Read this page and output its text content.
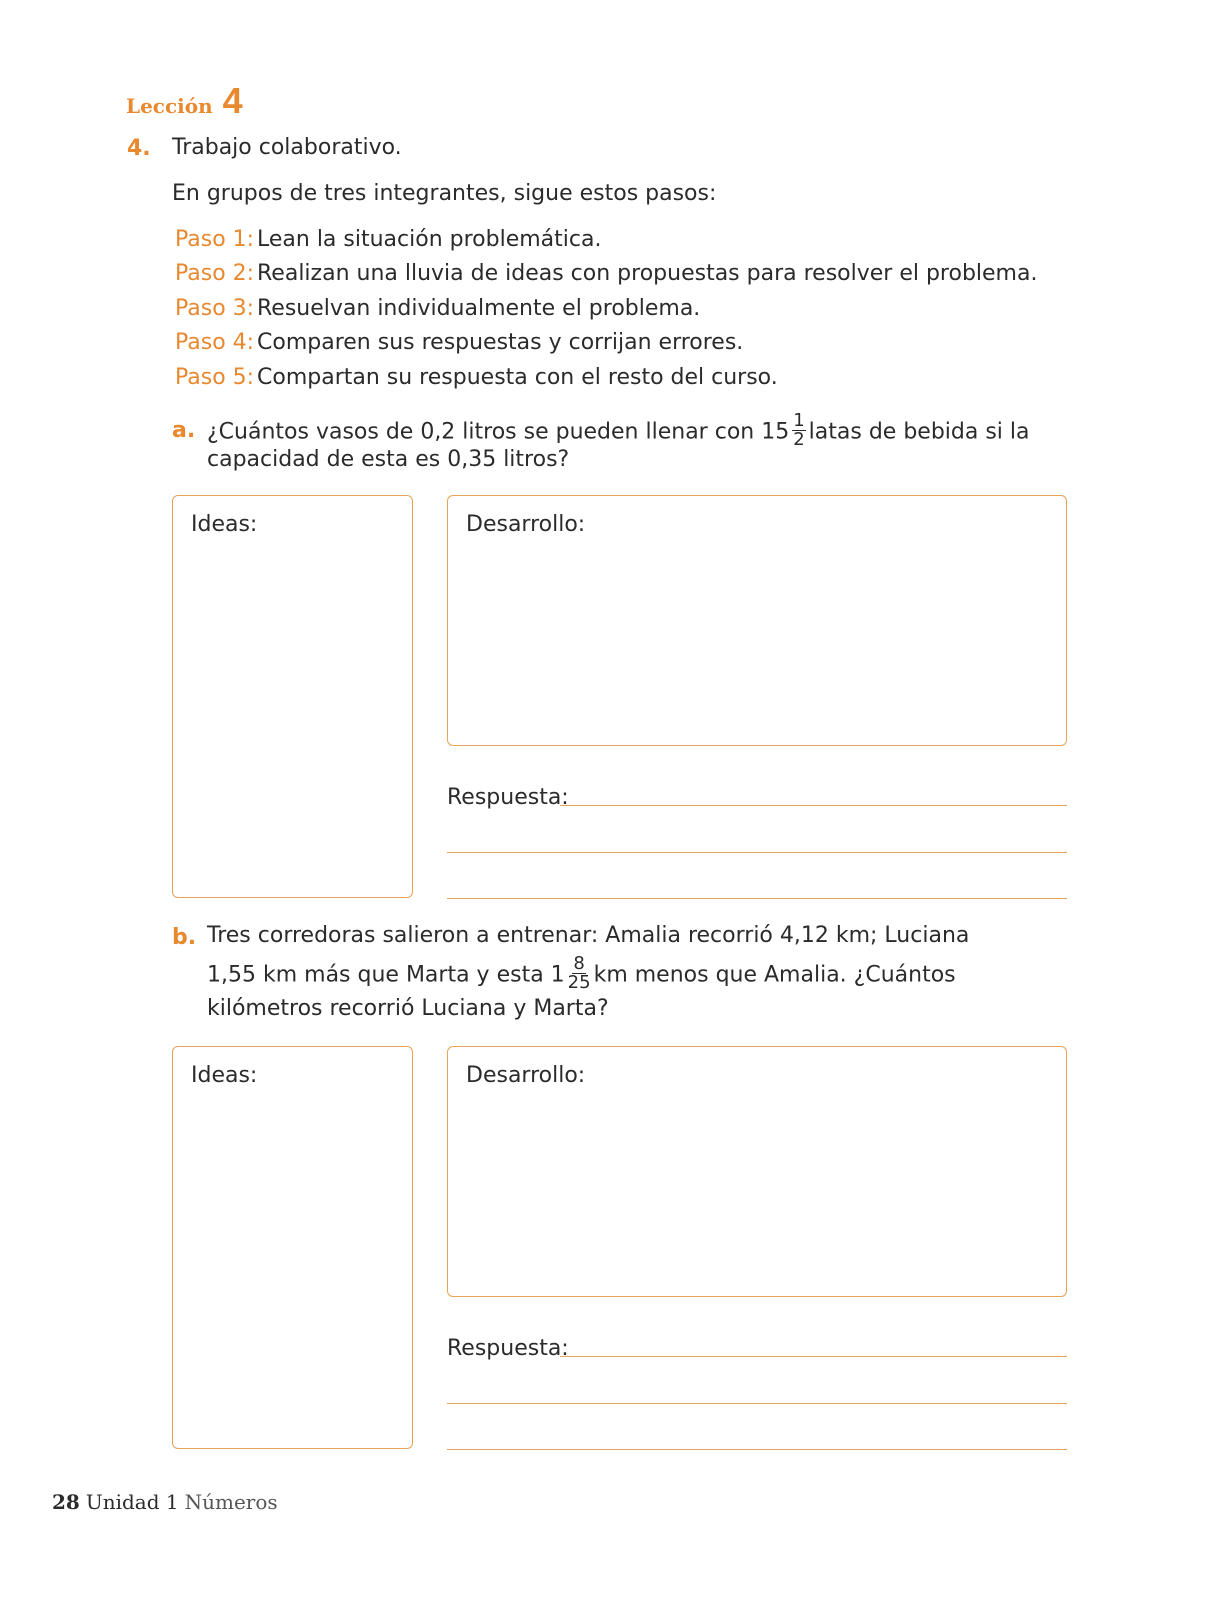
Lección 4
4. Trabajo colaborativo.
En grupos de tres integrantes, sigue estos pasos:
Paso 1: Lean la situación problemática.
Paso 2: Realizan una lluvia de ideas con propuestas para resolver el problema.
Paso 3: Resuelvan individualmente el problema.
Paso 4: Comparen sus respuestas y corrijan errores.
Paso 5: Compartan su respuesta con el resto del curso.
a. ¿Cuántos vasos de 0,2 litros se pueden llenar con $15 \frac{1}{2}$ latas de bebida si la
capacidad de esta es 0,35 litros?
Ideas:	Desarrollo:
Respuesta:
b. Tres corredoras salieron a entrenar: Amalia recorrió 4,12 km; Luciana
1,55 km más que Marta y esta $1 \frac{8}{25}$ km menos que Amalia. ¿Cuántos
kilómetros recorrió Luciana y Marta?
Ideas:	Desarrollo:
Respuesta:
28 Unidad 1 Números
